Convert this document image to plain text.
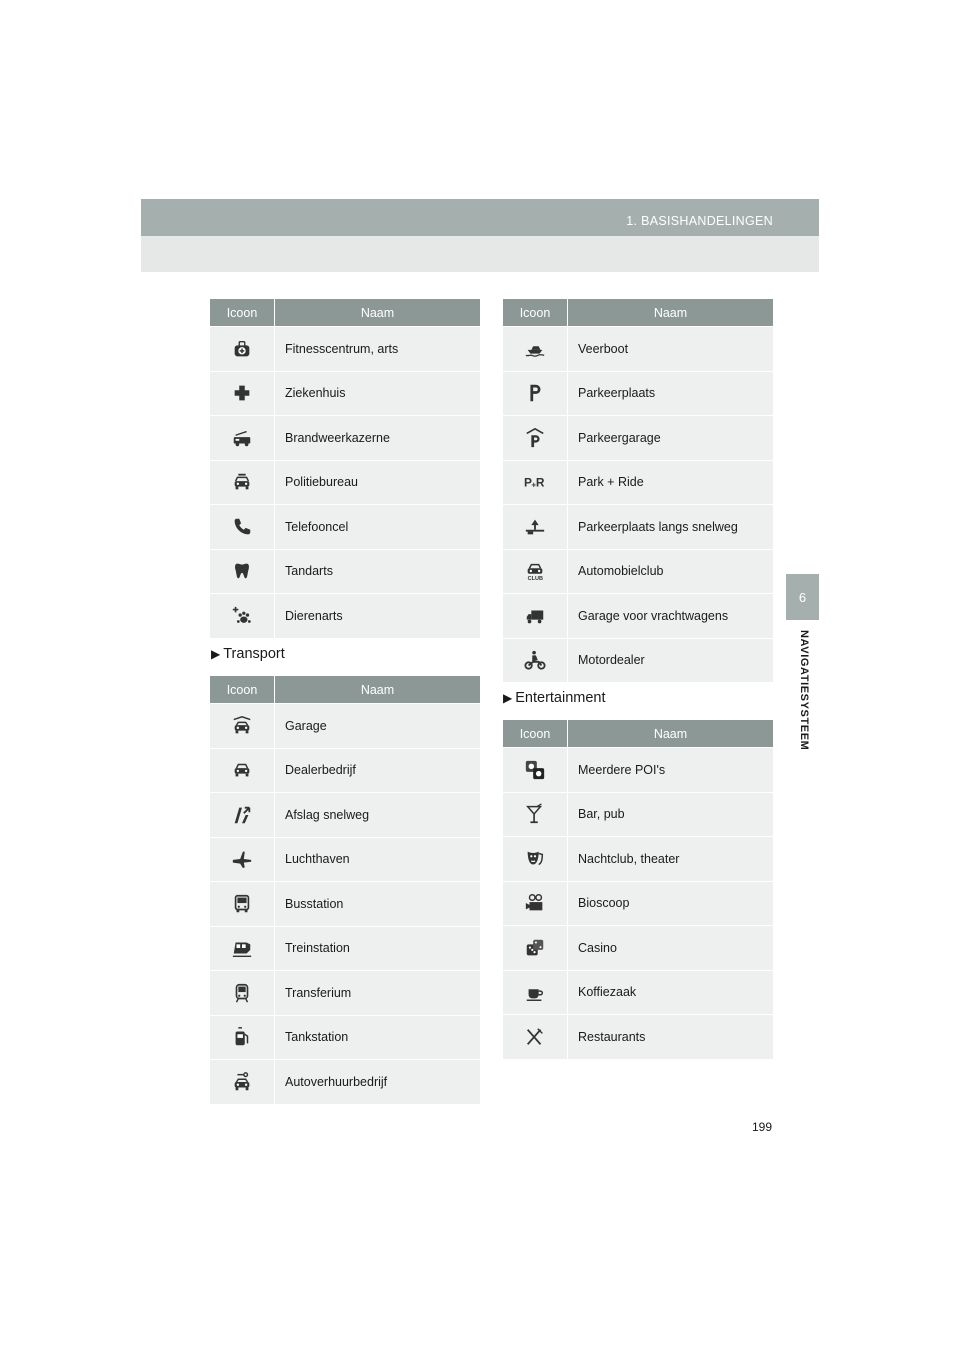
1. BASISHANDELINGEN
6
NAVIGATIESYSTEEM
Icoon	Naam
	Fitnesscentrum, arts
	Ziekenhuis
	Brandweerkazerne
	Politiebureau
	Telefooncel
	Tandarts
	Dierenarts
▶ Transport
Icoon	Naam
	Garage
	Dealerbedrijf
	Afslag snelweg
	Luchthaven
	Busstation
	Treinstation
	Transferium
	Tankstation
	Autoverhuurbedrijf
Icoon	Naam
	Veerboot
	Parkeerplaats
	Parkeergarage

P + R	Park + Ride
	Parkeerplaats langs snelweg

CLUB	Automobielclub
	Garage voor vrachtwagens
	Motordealer
▶ Entertainment
Icoon	Naam
	Meerdere POI's
	Bar, pub
	Nachtclub, theater
	Bioscoop
	Casino
	Koffiezaak
	Restaurants
199
